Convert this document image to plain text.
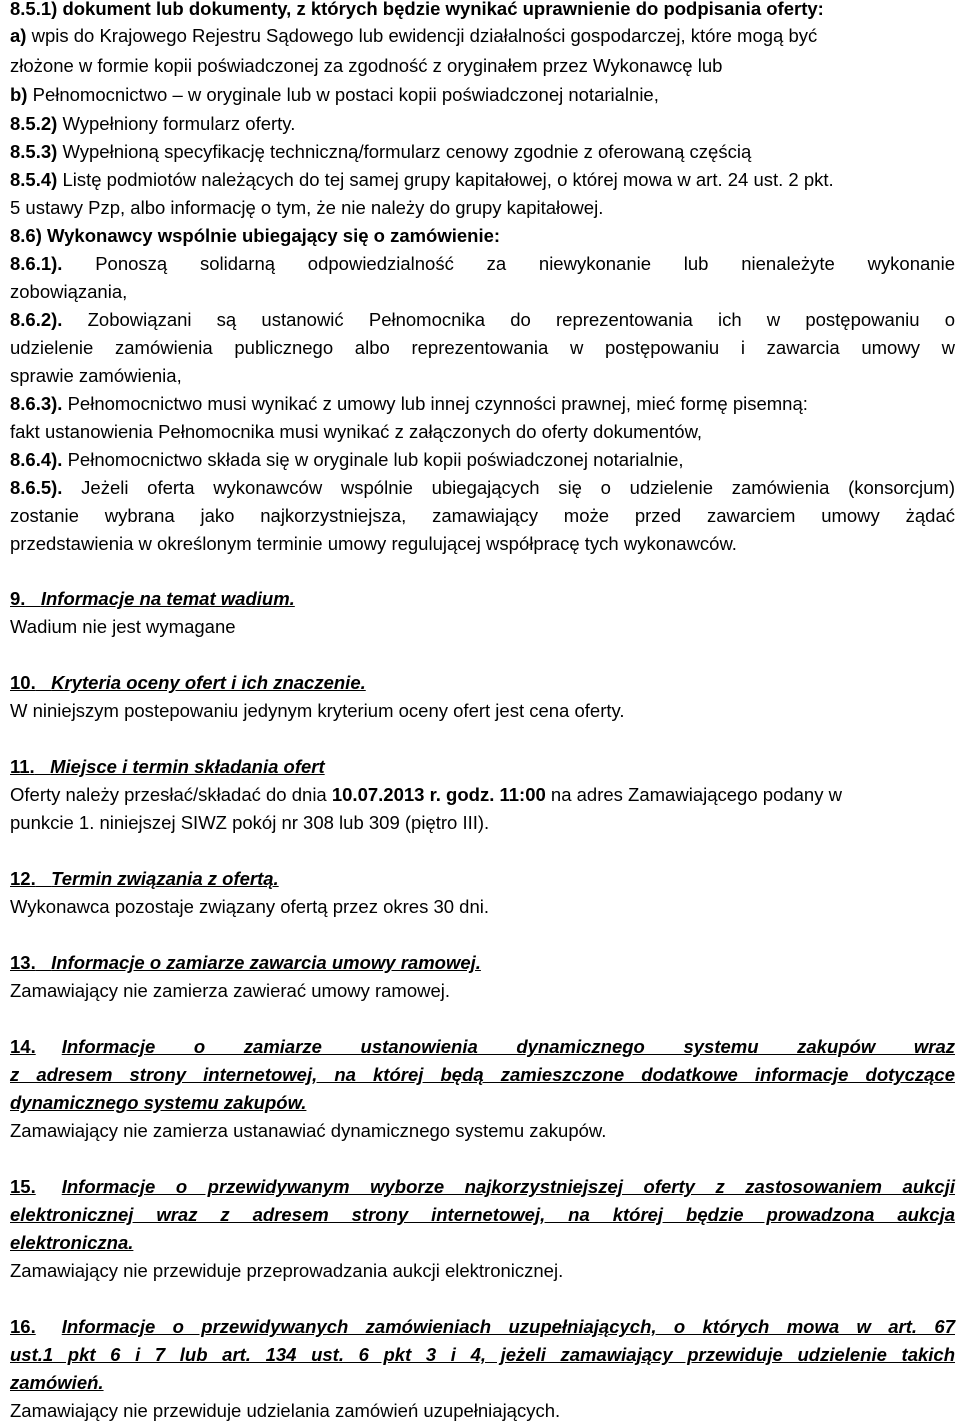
8.5.1) dokument lub dokumenty, z których będzie wynikać uprawnienie do podpisania oferty:
a) wpis do Krajowego Rejestru Sądowego lub ewidencji działalności gospodarczej, które mogą być
złożone w formie kopii poświadczonej za zgodność z oryginałem przez Wykonawcę lub
b) Pełnomocnictwo – w oryginale lub w postaci kopii poświadczonej notarialnie,
8.5.2) Wypełniony formularz oferty.
8.5.3) Wypełnioną specyfikację techniczną/formularz cenowy zgodnie z oferowaną częścią
8.5.4) Listę podmiotów należących do tej samej grupy kapitałowej, o której mowa w art. 24 ust. 2 pkt.
5 ustawy Pzp, albo informację o tym, że nie należy do grupy kapitałowej.
8.6) Wykonawcy wspólnie ubiegający się o zamówienie:
8.6.1). Ponoszą solidarną odpowiedzialność za niewykonanie lub nienależyte wykonanie
zobowiązania,
8.6.2). Zobowiązani są ustanowić Pełnomocnika do reprezentowania ich w postępowaniu o
udzielenie zamówienia publicznego albo reprezentowania w postępowaniu i zawarcia umowy w
sprawie zamówienia,
8.6.3). Pełnomocnictwo musi wynikać z umowy lub innej czynności prawnej, mieć formę pisemną:
fakt ustanowienia Pełnomocnika musi wynikać z załączonych do oferty dokumentów,
8.6.4). Pełnomocnictwo składa się w oryginale lub kopii poświadczonej notarialnie,
8.6.5). Jeżeli oferta wykonawców wspólnie ubiegających się o udzielenie zamówienia (konsorcjum)
zostanie wybrana jako najkorzystniejsza, zamawiający może przed zawarciem umowy żądać
przedstawienia w określonym terminie umowy regulującej współpracę tych wykonawców.
9. Informacje na temat wadium.
Wadium nie jest wymagane
10. Kryteria oceny ofert i ich znaczenie.
W niniejszym postepowaniu jedynym kryterium oceny ofert jest cena oferty.
11. Miejsce i termin składania ofert
Oferty należy przesłać/składać do dnia 10.07.2013 r. godz. 11:00 na adres Zamawiającego podany w
punkcie 1. niniejszej SIWZ pokój nr 308 lub 309 (piętro III).
12. Termin związania z ofertą.
Wykonawca pozostaje związany ofertą przez okres 30 dni.
13. Informacje o zamiarze zawarcia umowy ramowej.
Zamawiający nie zamierza zawierać umowy ramowej.
14. Informacje o zamiarze ustanowienia dynamicznego systemu zakupów wraz
z adresem strony internetowej, na której będą zamieszczone dodatkowe informacje dotyczące
dynamicznego systemu zakupów.
Zamawiający nie zamierza ustanawiać dynamicznego systemu zakupów.
15. Informacje o przewidywanym wyborze najkorzystniejszej oferty z zastosowaniem aukcji
elektronicznej wraz z adresem strony internetowej, na której będzie prowadzona aukcja
elektroniczna.
Zamawiający nie przewiduje przeprowadzania aukcji elektronicznej.
16. Informacje o przewidywanych zamówieniach uzupełniających, o których mowa w art. 67
ust.1 pkt 6 i 7 lub art. 134 ust. 6 pkt 3 i 4, jeżeli zamawiający przewiduje udzielenie takich
zamówień.
Zamawiający nie przewiduje udzielania zamówień uzupełniających.
